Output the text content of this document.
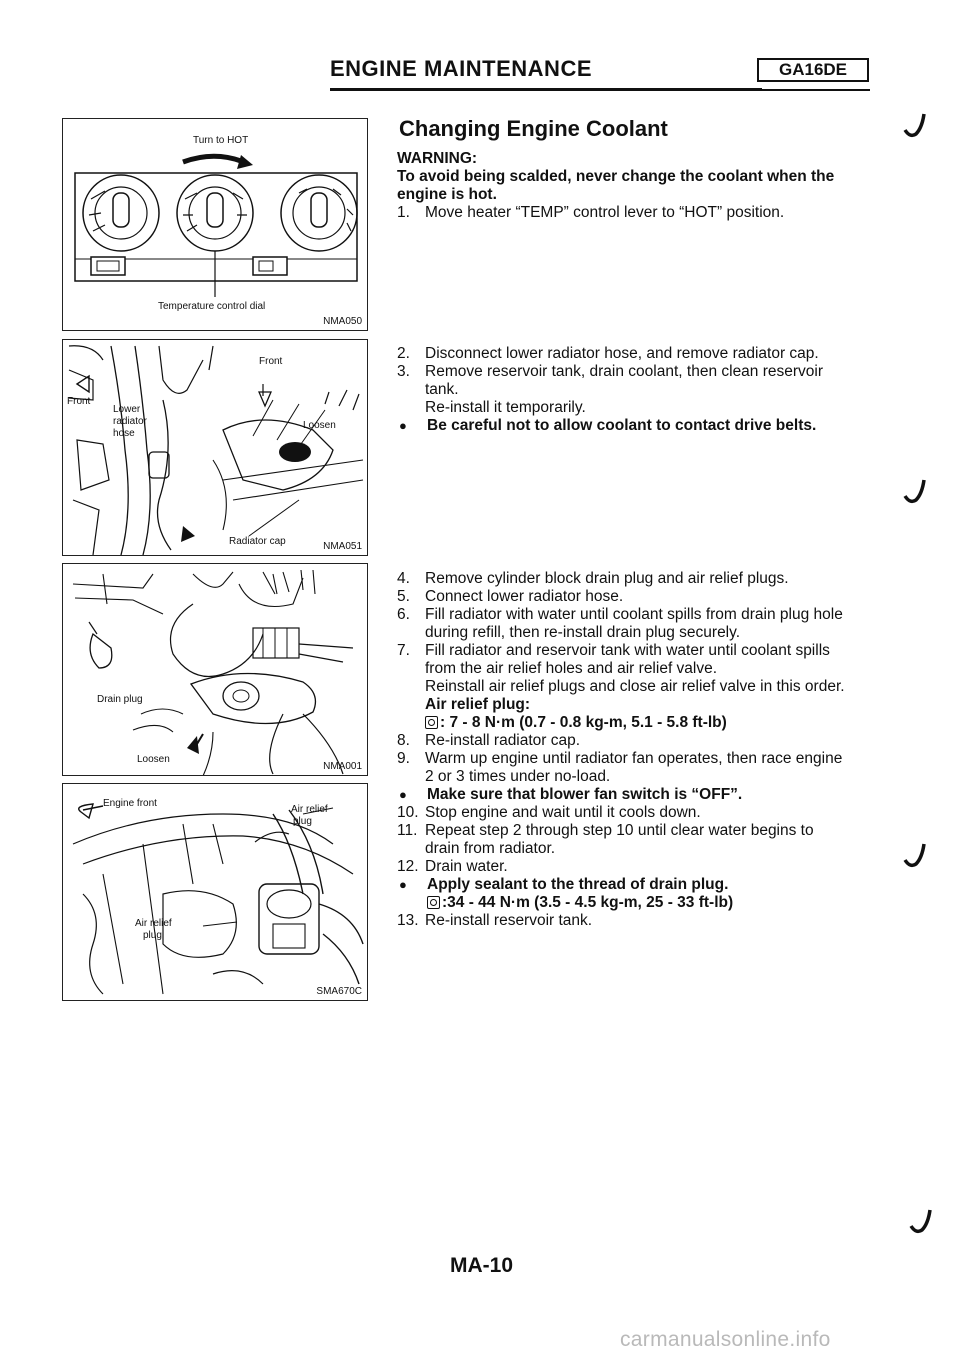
ENGINE MAINTENANCE	GA16DE
Turn to HOT
Temperature control dial
NMA050
Front
Front
Lower
radiator
hose
Loosen
Radiator cap	NMA051
Drain plug
Loosen
NMA001
Engine front
Air relief
plug
Air relief
plug
SMA670C
Changing Engine Coolant
WARNING:
To avoid being scalded, never change the coolant when the
engine is hot.
1. Move heater “TEMP” control lever to “HOT” position.
2. Disconnect lower radiator hose, and remove radiator cap.
3. Remove reservoir tank, drain coolant, then clean reservoir
tank.
Re-install it temporarily.
●	Be careful not to allow coolant to contact drive belts.
4. Remove cylinder block drain plug and air relief plugs.
5. Connect lower radiator hose.
6. Fill radiator with water until coolant spills from drain plug hole
during refill, then re-install drain plug securely.
7. Fill radiator and reservoir tank with water until coolant spills
from the air relief holes and air relief valve.
Reinstall air relief plugs and close air relief valve in this order.
Air relief plug:
: 7 - 8 N·m (0.7 - 0.8 kg-m, 5.1 - 5.8 ft-lb)
8. Re-install radiator cap.
9. Warm up engine until radiator fan operates, then race engine
2 or 3 times under no-load.
●	Make sure that blower fan switch is “OFF”.
10. Stop engine and wait until it cools down.
11. Repeat step 2 through step 10 until clear water begins to
drain from radiator.
12. Drain water.
●	Apply sealant to the thread of drain plug.
:34 - 44 N·m (3.5 - 4.5 kg-m, 25 - 33 ft-lb)
13. Re-install reservoir tank.
MA-10
carmanualsonline.info
